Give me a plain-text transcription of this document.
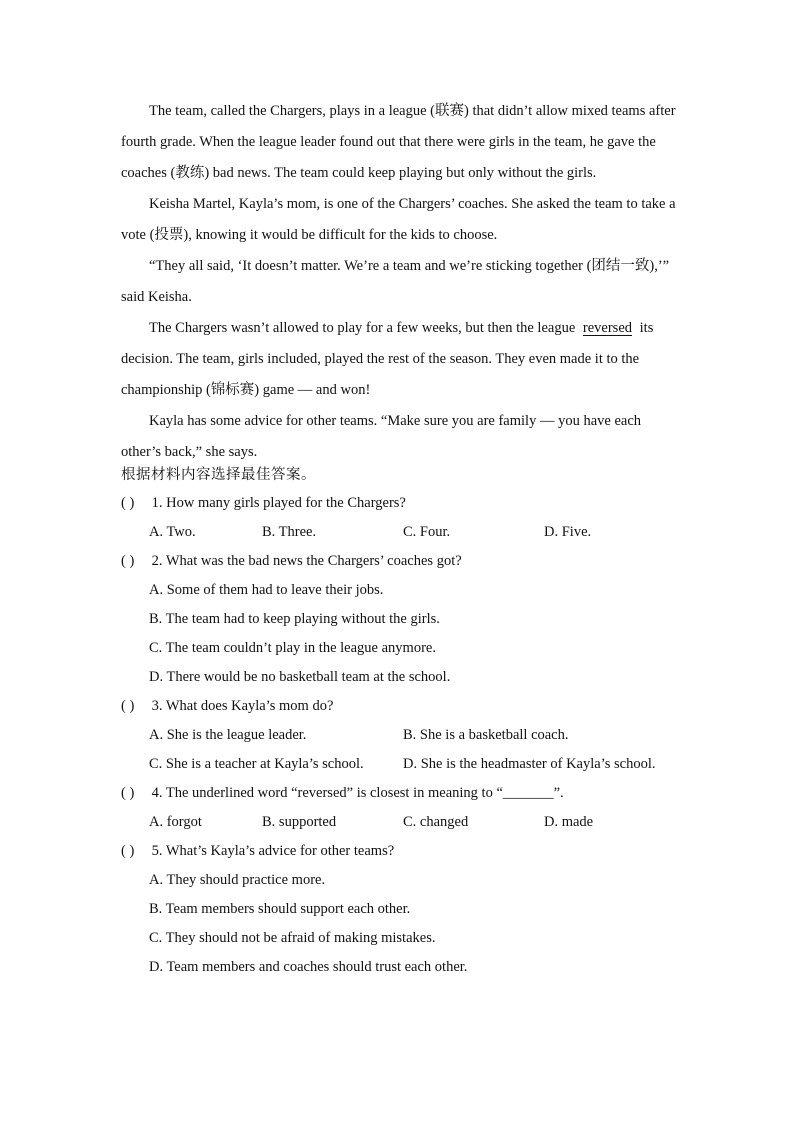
The team, called the Chargers, plays in a league (联赛) that didn’t allow mixed teams after fourth grade. When the league leader found out that there were girls in the team, he gave the coaches (教练) bad news. The team could keep playing but only without the girls.

Keisha Martel, Kayla’s mom, is one of the Chargers’ coaches. She asked the team to take a vote (投票), knowing it would be difficult for the kids to choose.

“They all said, ‘It doesn’t matter. We’re a team and we’re sticking together (团结一致),’” said Keisha.

The Chargers wasn’t allowed to play for a few weeks, but then the league reversed its decision. The team, girls included, played the rest of the season. They even made it to the championship (锦标赛) game — and won!

Kayla has some advice for other teams. “Make sure you are family — you have each other’s back,” she says.

根据材料内容选择最佳答案。
( ) 1. How many girls played for the Chargers?
A. Two.	B. Three.	C. Four.	D. Five.
( ) 2. What was the bad news the Chargers’ coaches got?
A. Some of them had to leave their jobs.
B. The team had to keep playing without the girls.
C. The team couldn’t play in the league anymore.
D. There would be no basketball team at the school.
( ) 3. What does Kayla’s mom do?
A. She is the league leader.	B. She is a basketball coach.
C. She is a teacher at Kayla’s school.	D. She is the headmaster of Kayla’s school.
( ) 4. The underlined word “reversed” is closest in meaning to “_______”.
A. forgot	B. supported	C. changed	D. made
( ) 5. What’s Kayla’s advice for other teams?
A. They should practice more.
B. Team members should support each other.
C. They should not be afraid of making mistakes.
D. Team members and coaches should trust each other.
